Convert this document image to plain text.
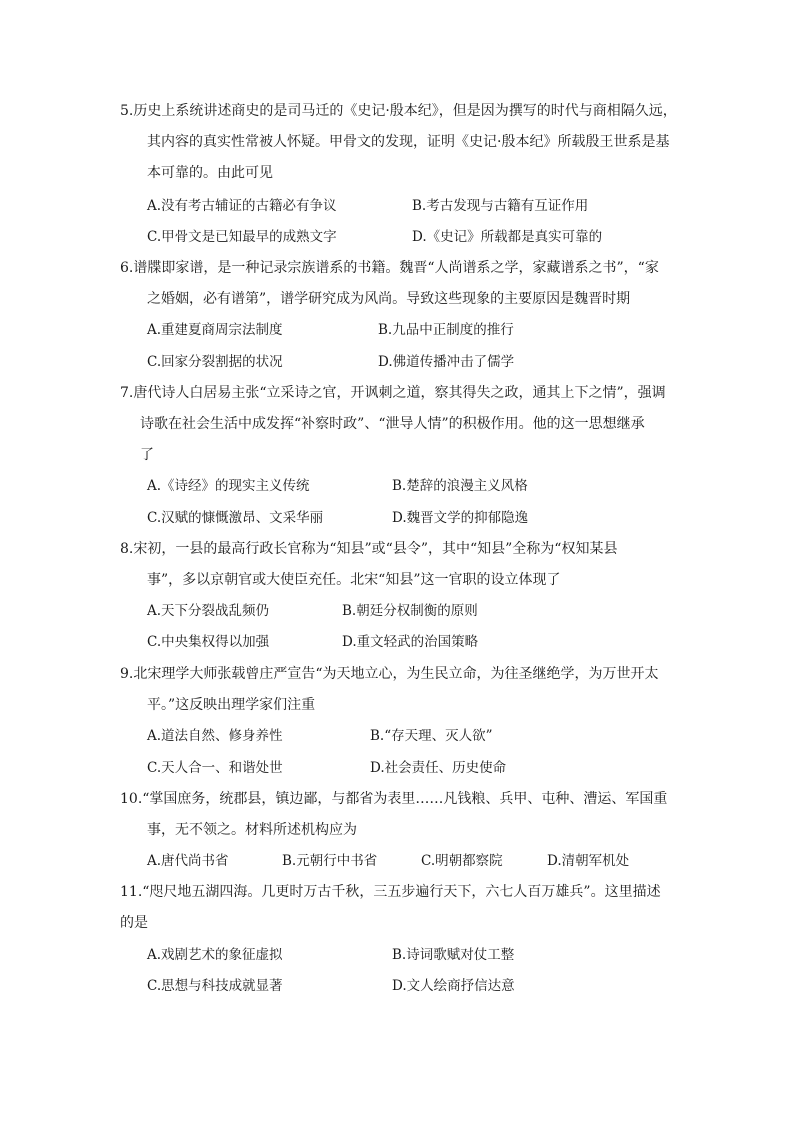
5.历史上系统讲述商史的是司马迁的《史记·殷本纪》，但是因为撰写的时代与商相隔久远，
其内容的真实性常被人怀疑。甲骨文的发现，证明《史记·殷本纪》所载殷王世系是基
本可靠的。由此可见
A.没有考古辅证的古籍必有争议	B.考古发现与古籍有互证作用
C.甲骨文是已知最早的成熟文字	D.《史记》所载都是真实可靠的
6.谱牒即家谱，是一种记录宗族谱系的书籍。魏晋“人尚谱系之学，家藏谱系之书”，“家
之婚姻，必有谱第”，谱学研究成为风尚。导致这些现象的主要原因是魏晋时期
A.重建夏商周宗法制度	B.九品中正制度的推行
C.回家分裂割据的状况	D.佛道传播冲击了儒学
7.唐代诗人白居易主张“立采诗之官，开讽刺之道，察其得失之政，通其上下之情”，强调
诗歌在社会生活中成发挥“补察时政”、“泄导人情”的积极作用。他的这一思想继承
了
A.《诗经》的现实主义传统	B.楚辞的浪漫主义风格
C.汉赋的慷慨激昂、文采华丽	D.魏晋文学的抑郁隐逸
8.宋初，一县的最高行政长官称为“知县”或“县令”，其中“知县”全称为“权知某县
事”，多以京朝官或大使臣充任。北宋“知县”这一官职的设立体现了
A.天下分裂战乱频仍	B.朝廷分权制衡的原则
C.中央集权得以加强	D.重文轻武的治国策略
9.北宋理学大师张载曾庄严宣告“为天地立心，为生民立命，为往圣继绝学，为万世开太
平。”这反映出理学家们注重
A.道法自然、修身养性	B.“存天理、灭人欲”
C.天人合一、和谐处世	D.社会责任、历史使命
10.“掌国庶务，统郡县，镇边鄙，与都省为表里……凡钱粮、兵甲、屯种、漕运、军国重
事，无不领之。材料所述机构应为
A.唐代尚书省	B.元朝行中书省	C.明朝都察院	D.清朝军机处
11.“咫尺地五湖四海。几更时万古千秋，三五步遍行天下，六七人百万雄兵”。这里描述
的是
A.戏剧艺术的象征虚拟	B.诗词歌赋对仗工整
C.思想与科技成就显著	D.文人绘商抒信达意
